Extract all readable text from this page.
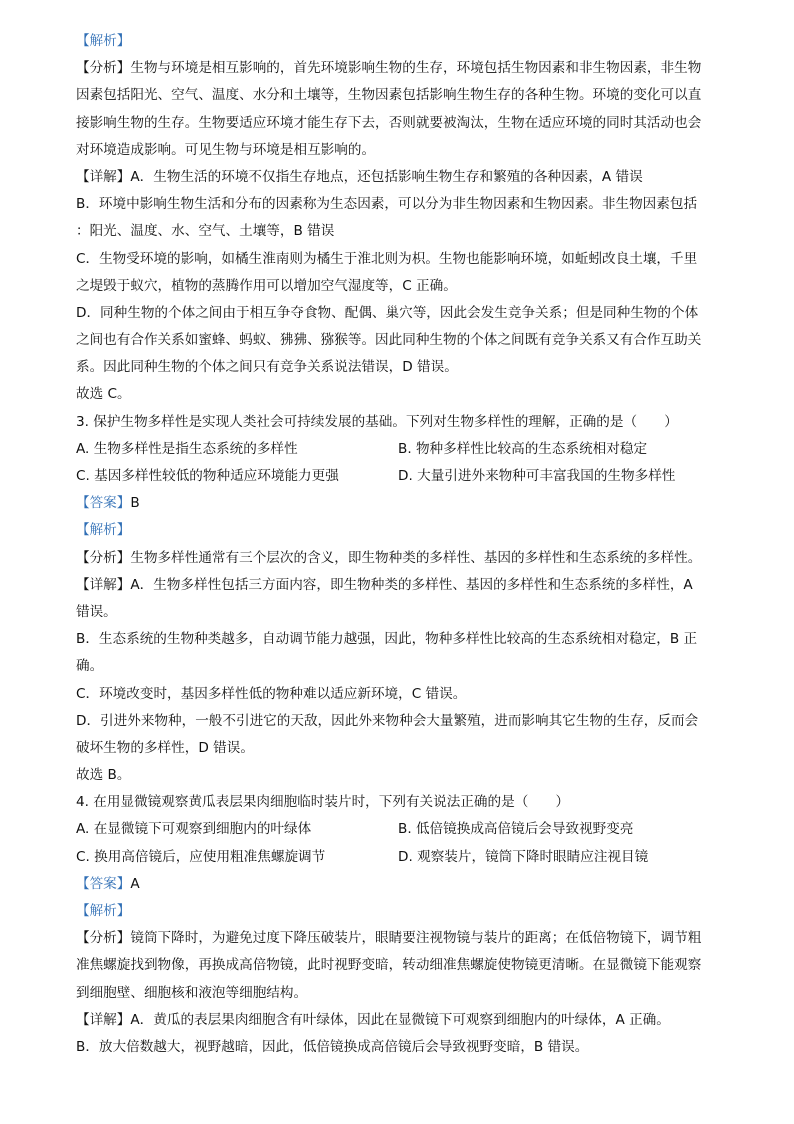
【解析】
【分析】生物与环境是相互影响的，首先环境影响生物的生存，环境包括生物因素和非生物因素，非生物
因素包括阳光、空气、温度、水分和土壤等，生物因素包括影响生物生存的各种生物。环境的变化可以直
接影响生物的生存。生物要适应环境才能生存下去，否则就要被淘汰，生物在适应环境的同时其活动也会
对环境造成影响。可见生物与环境是相互影响的。
【详解】A．生物生活的环境不仅指生存地点，还包括影响生物生存和繁殖的各种因素，A 错误
B．环境中影响生物生活和分布的因素称为生态因素，可以分为非生物因素和生物因素。非生物因素包括
：阳光、温度、水、空气、土壤等，B 错误
C．生物受环境的影响，如橘生淮南则为橘生于淮北则为枳。生物也能影响环境，如蚯蚓改良土壤，千里
之堤毁于蚁穴，植物的蒸腾作用可以增加空气湿度等，C 正确。
D．同种生物的个体之间由于相互争夺食物、配偶、巢穴等，因此会发生竞争关系；但是同种生物的个体
之间也有合作关系如蜜蜂、蚂蚁、狒狒、猕猴等。因此同种生物的个体之间既有竞争关系又有合作互助关
系。因此同种生物的个体之间只有竞争关系说法错误，D 错误。
故选 C。
3. 保护生物多样性是实现人类社会可持续发展的基础。下列对生物多样性的理解，正确的是（　　）
A. 生物多样性是指生态系统的多样性	B. 物种多样性比较高的生态系统相对稳定
C. 基因多样性较低的物种适应环境能力更强	D. 大量引进外来物种可丰富我国的生物多样性
【答案】B
【解析】
【分析】生物多样性通常有三个层次的含义，即生物种类的多样性、基因的多样性和生态系统的多样性。
【详解】A．生物多样性包括三方面内容，即生物种类的多样性、基因的多样性和生态系统的多样性，A
错误。
B．生态系统的生物种类越多，自动调节能力越强，因此，物种多样性比较高的生态系统相对稳定，B 正
确。
C．环境改变时，基因多样性低的物种难以适应新环境，C 错误。
D．引进外来物种，一般不引进它的天敌，因此外来物种会大量繁殖，进而影响其它生物的生存，反而会
破坏生物的多样性，D 错误。
故选 B。
4. 在用显微镜观察黄瓜表层果肉细胞临时装片时，下列有关说法正确的是（　　）
A. 在显微镜下可观察到细胞内的叶绿体	B. 低倍镜换成高倍镜后会导致视野变亮
C. 换用高倍镜后，应使用粗准焦螺旋调节	D. 观察装片，镜筒下降时眼睛应注视目镜
【答案】A
【解析】
【分析】镜筒下降时，为避免过度下降压破装片，眼睛要注视物镜与装片的距离；在低倍物镜下，调节粗
准焦螺旋找到物像，再换成高倍物镜，此时视野变暗，转动细准焦螺旋使物镜更清晰。在显微镜下能观察
到细胞壁、细胞核和液泡等细胞结构。
【详解】A．黄瓜的表层果肉细胞含有叶绿体，因此在显微镜下可观察到细胞内的叶绿体，A 正确。
B．放大倍数越大，视野越暗，因此，低倍镜换成高倍镜后会导致视野变暗，B 错误。
